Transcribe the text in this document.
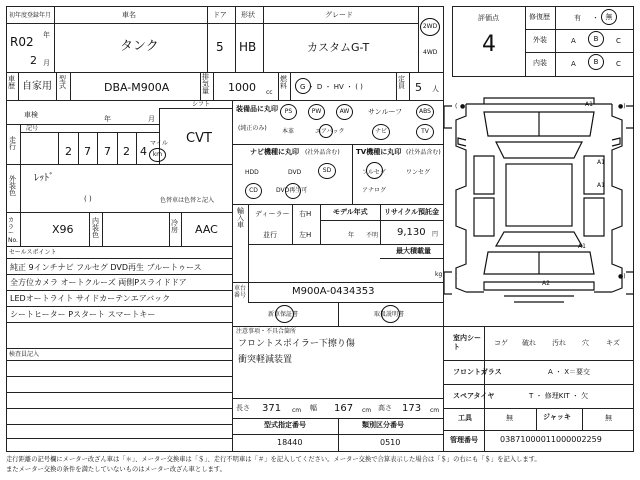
初年度登録年月
R02 年
2 月
車名
タンク
ドア
5
形状
HB
グレード
カスタムG-T
2WD
4WD
車歴 自家用
型式	DBA-M900A
排気量 1000 cc
燃料	G ・ D ・ HV ・ ( )
定員 5 人
車検	年	月
記号
走行	2 7 7 2 4
マイル
km
シフト
CVT
外装色
ﾚｯﾄﾞ
( )	色替車は色替と記入
カラーNo.
X96
内装色
冷房 AAC
セールスポイント
純正 9インチナビ フルセグ DVD再生 ブルートゥース
全方位カメラ オートクルーズ 両側Pスライドドア
LEDオートライト サイドカーテンエアバック
シートヒーター Pスタート スマートキー
検査員記入
装備品に丸印
(純正のみ)
PS	PW	AW	サンルーフ	ABS
本革	エアバック	ナビ	TV
ナビ機種に丸印 (社外品含む)
HDD	DVD	SD
CD	DVD再生可
TV機種に丸印 (社外品含む)
フルセグ	ワンセグ
アナログ
輸入車
ディーラー
並行
右H
左H
モデル年式
年 不明
リサイクル預託金
9,130 円
最大積載量
kg
車台番号	M900A-0434353
新車保証書	取扱説明書
注意事項・不具合箇所
フロントスポイラー下擦り傷
衝突軽減装置
長さ 371 cm 幅 167 cm 高さ 173 cm
型式指定番号
18440
類別区分番号
0510
評価点
4
修復歴	有 ・ 無
外装	A	B	C
内装	A	B	C
( ●
(
●)
●)
A1
A1
A1
A2
A1
室内シート
コゲ 破れ 汚れ 穴 キズ
フロントガラス	A ・ X＝要交
スペアタイヤ	T ・ 修理KIT ・ 欠
工具	無	ジャッキ	無
管理番号	03871000011000002259
走行距離の記号欄にメーター改ざん車は「＊」、メーター交換車は「＄」、走行不明車は「＃」を記入してください。メーター交換で合算表示した場合は「＄」の右にも「＄」を記入します。
またメーター交換の条件を満たしていないものはメーター改ざん車とします。
